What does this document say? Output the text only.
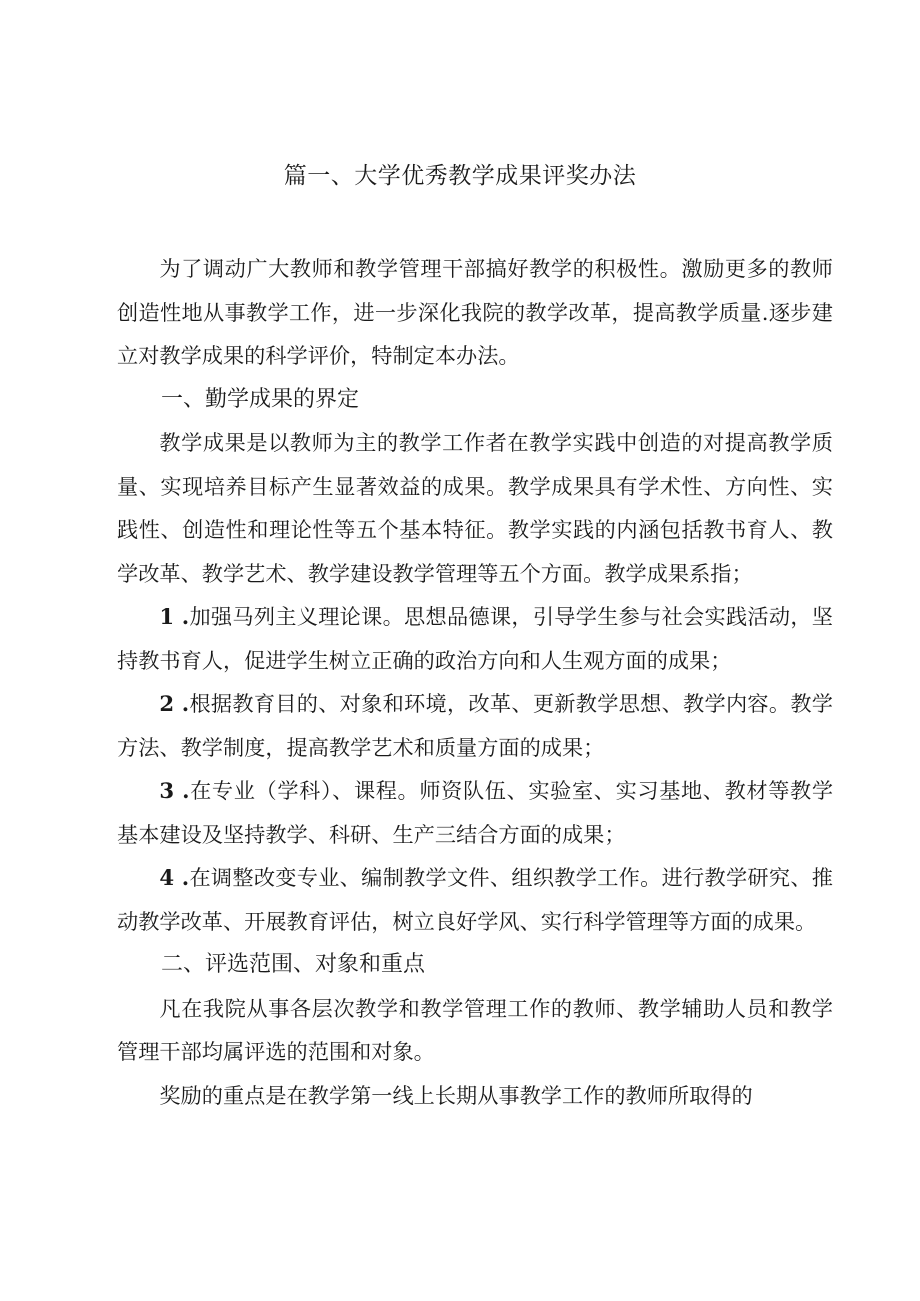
篇一、大学优秀教学成果评奖办法

为了调动广大教师和教学管理干部搞好教学的积极性。激励更多的教师创造性地从事教学工作，进一步深化我院的教学改革，提高教学质量.逐步建立对教学成果的科学评价，特制定本办法。

一、勤学成果的界定

教学成果是以教师为主的教学工作者在教学实践中创造的对提高教学质量、实现培养目标产生显著效益的成果。教学成果具有学术性、方向性、实践性、创造性和理论性等五个基本特征。教学实践的内涵包括教书育人、教学改革、教学艺术、教学建设教学管理等五个方面。教学成果系指；

1 .加强马列主义理论课。思想品德课，引导学生参与社会实践活动，坚持教书育人，促进学生树立正确的政治方向和人生观方面的成果；

2 .根据教育目的、对象和环境，改革、更新教学思想、教学内容。教学方法、教学制度，提高教学艺术和质量方面的成果；

3 .在专业（学科）、课程。师资队伍、实验室、实习基地、教材等教学基本建设及坚持教学、科研、生产三结合方面的成果；

4 .在调整改变专业、编制教学文件、组织教学工作。进行教学研究、推动教学改革、开展教育评估，树立良好学风、实行科学管理等方面的成果。

二、评选范围、对象和重点

凡在我院从事各层次教学和教学管理工作的教师、教学辅助人员和教学管理干部均属评选的范围和对象。

奖励的重点是在教学第一线上长期从事教学工作的教师所取得的
